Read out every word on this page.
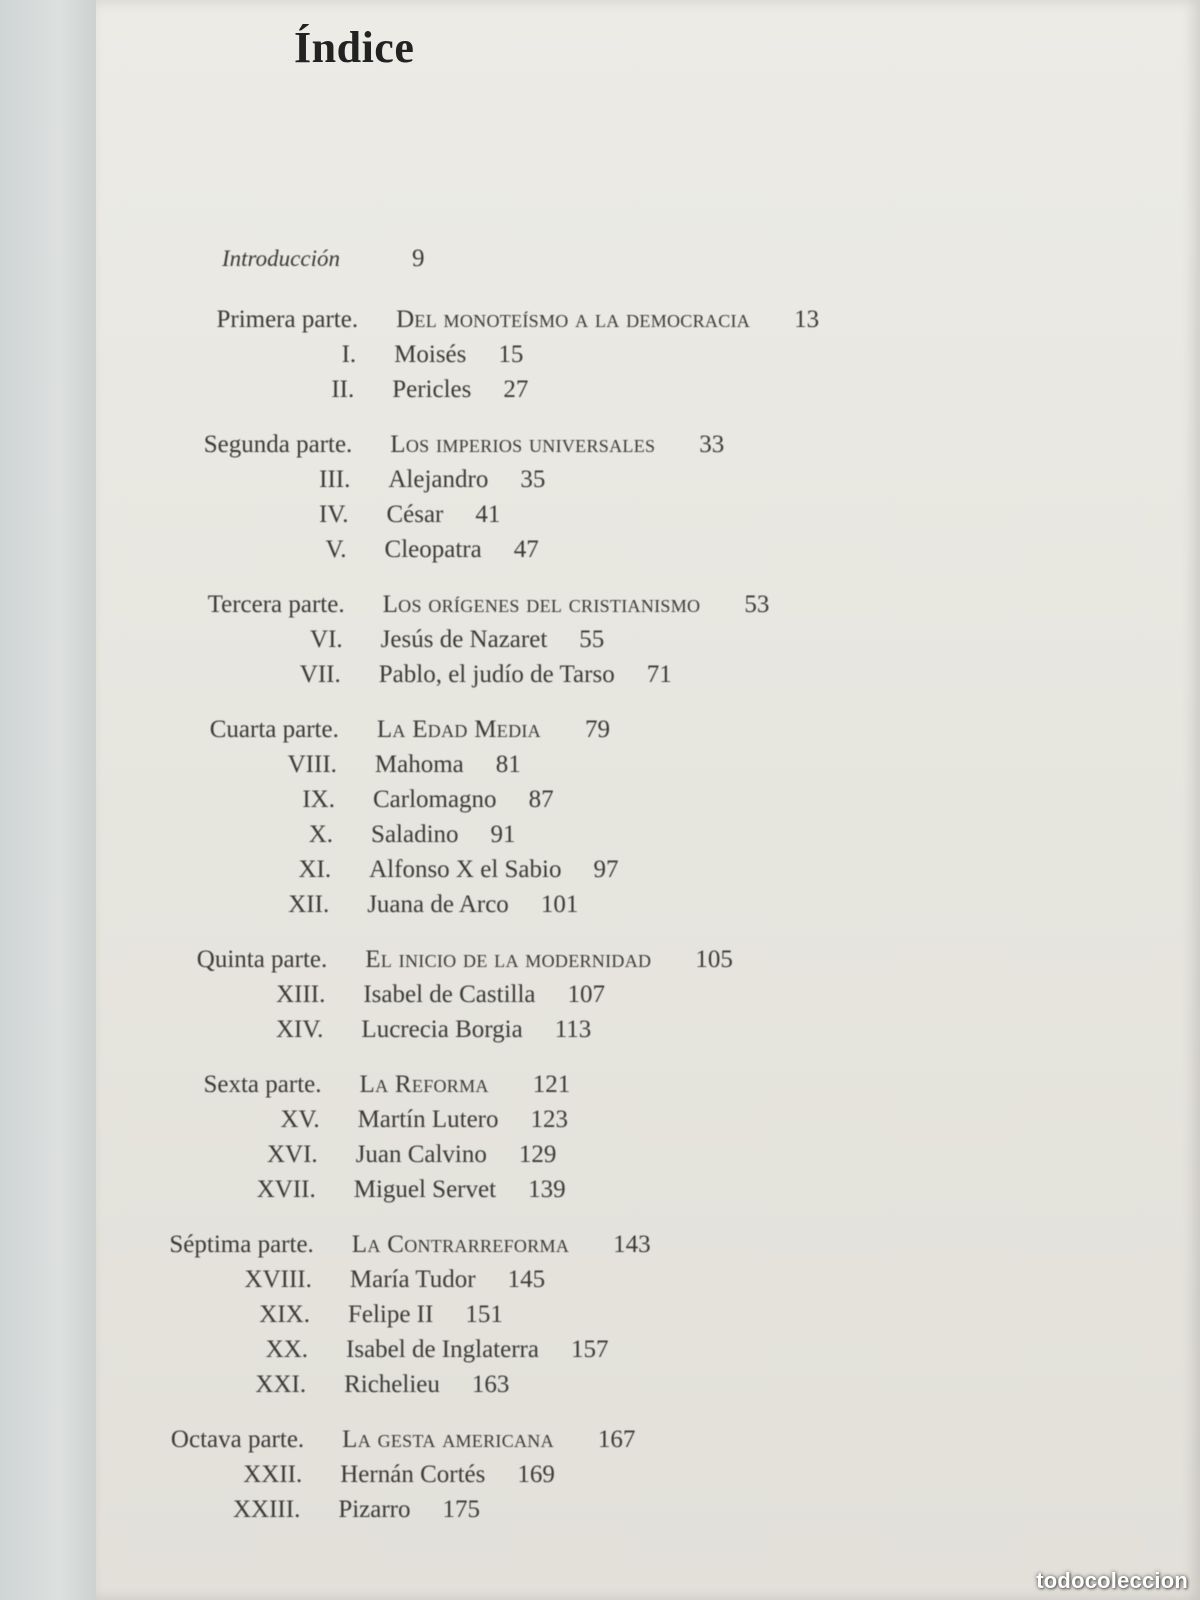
Índice
Introducción	9
Primera parte. Del monoteísmo a la democracia 13
I. Moisés 15
II. Pericles 27
Segunda parte. Los imperios universales 33
III. Alejandro 35
IV. César 41
V. Cleopatra 47
Tercera parte. Los orígenes del cristianismo 53
VI. Jesús de Nazaret 55
VII. Pablo, el judío de Tarso 71
Cuarta parte. La Edad Media 79
VIII. Mahoma 81
IX. Carlomagno 87
X. Saladino 91
XI. Alfonso X el Sabio 97
XII. Juana de Arco 101
Quinta parte. El inicio de la modernidad 105
XIII. Isabel de Castilla 107
XIV. Lucrecia Borgia 113
Sexta parte. La Reforma 121
XV. Martín Lutero 123
XVI. Juan Calvino 129
XVII. Miguel Servet 139
Séptima parte. La Contrarreforma 143
XVIII. María Tudor 145
XIX. Felipe II 151
XX. Isabel de Inglaterra 157
XXI. Richelieu 163
Octava parte. La gesta americana 167
XXII. Hernán Cortés 169
XXIII. Pizarro 175
todocoleccion
